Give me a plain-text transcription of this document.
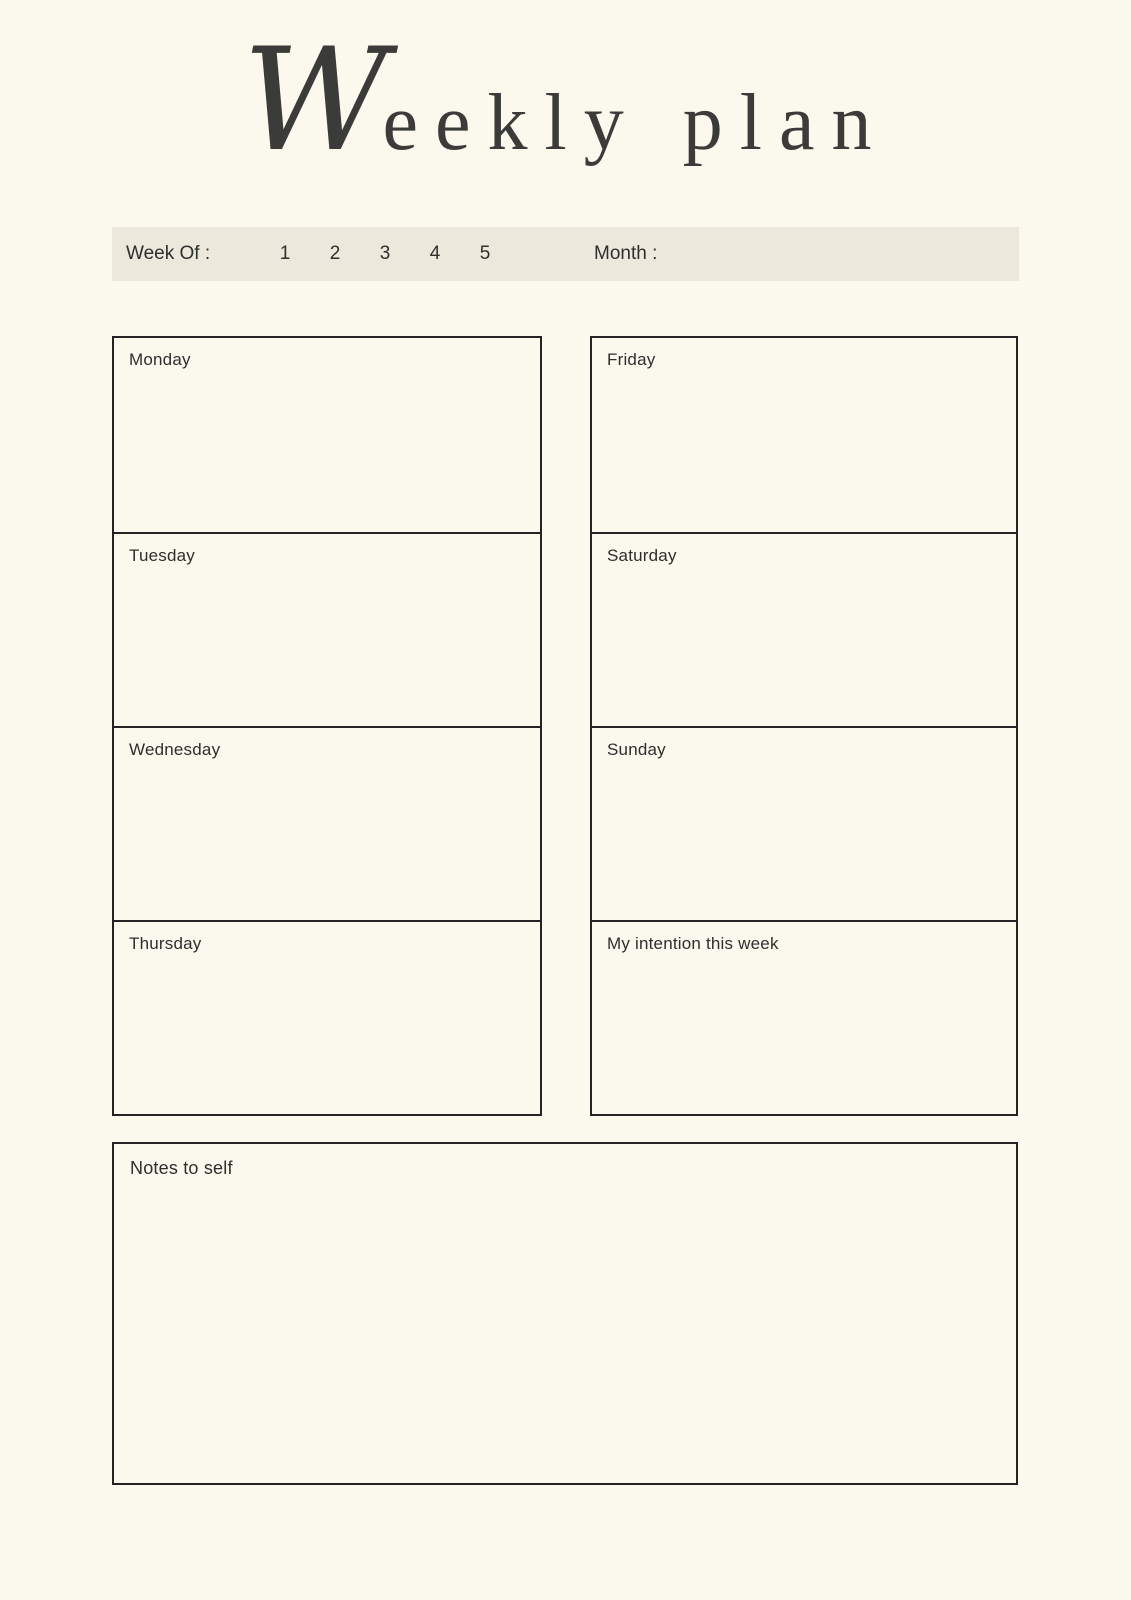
W
eekly plan
Week Of :	1	2	3	4	5	Month :
Monday
Tuesday
Wednesday
Thursday
Friday
Saturday
Sunday
My intention this week
Notes to self
